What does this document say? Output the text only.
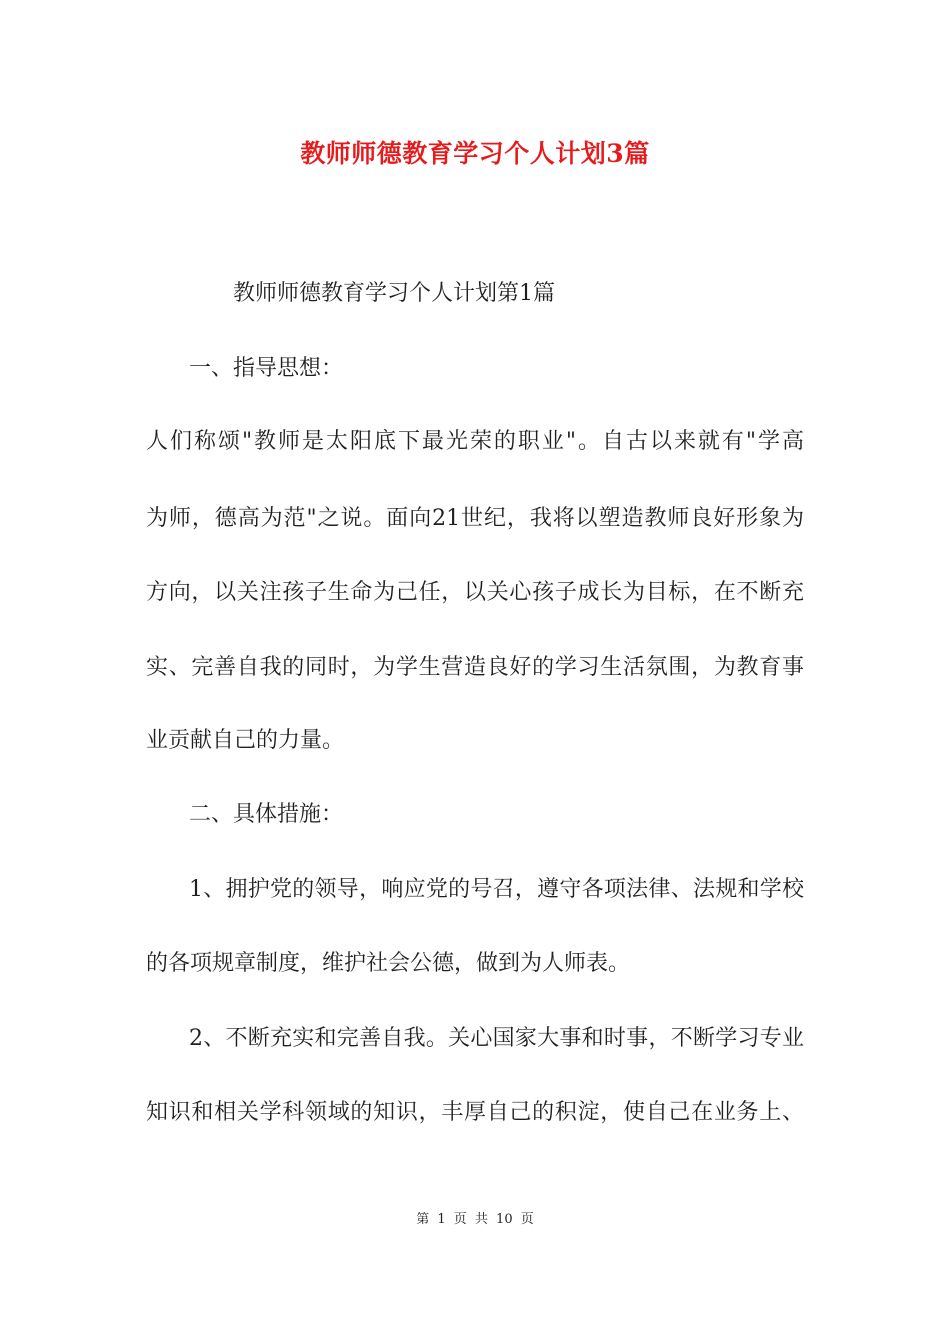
教师师德教育学习个人计划3篇
教师师德教育学习个人计划第1篇
一、指导思想：
人们称颂"教师是太阳底下最光荣的职业"。自古以来就有"学高
为师，德高为范"之说。面向21世纪，我将以塑造教师良好形象为
方向，以关注孩子生命为己任，以关心孩子成长为目标，在不断充
实、完善自我的同时，为学生营造良好的学习生活氛围，为教育事
业贡献自己的力量。
二、具体措施：
1、拥护党的领导，响应党的号召，遵守各项法律、法规和学校
的各项规章制度，维护社会公德，做到为人师表。
2、不断充实和完善自我。关心国家大事和时事，不断学习专业
知识和相关学科领域的知识，丰厚自己的积淀，使自己在业务上、
第 1 页 共 10 页
